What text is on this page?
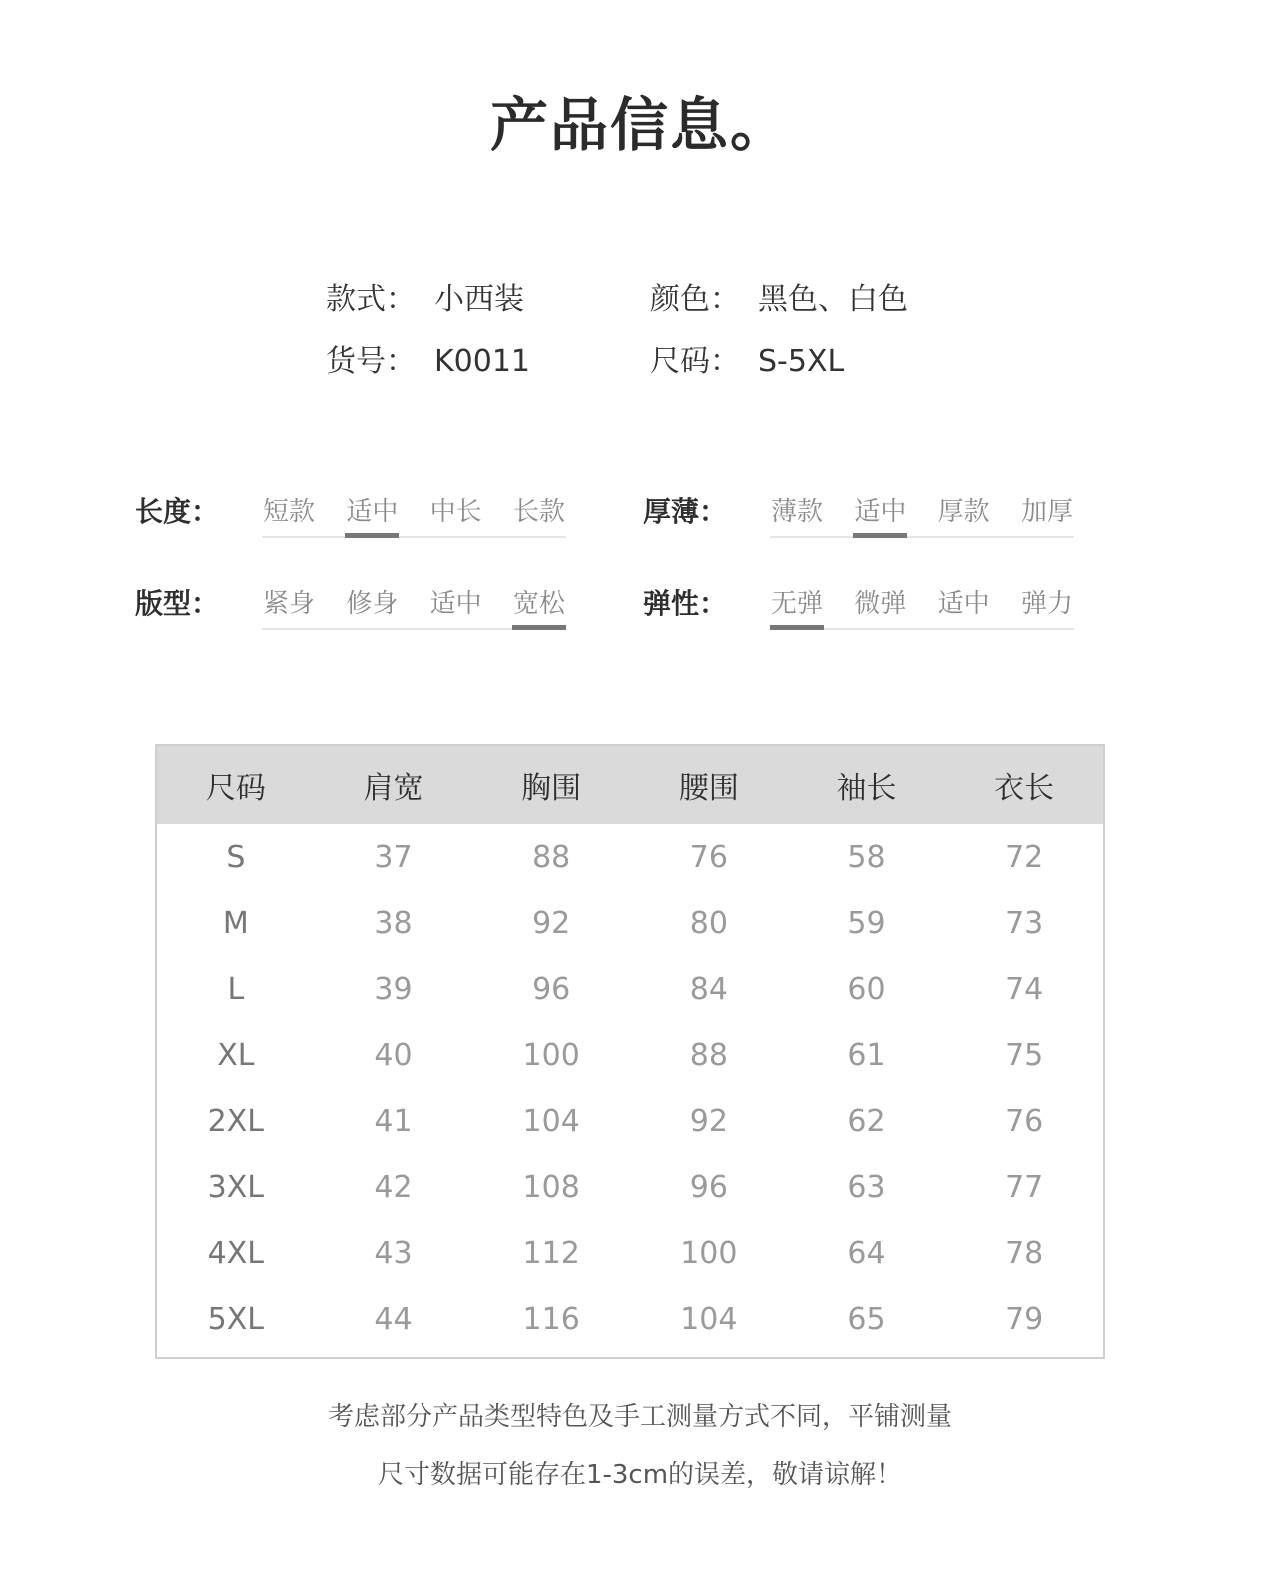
产品信息。
款式： 小西装	颜色： 黑色、白色
货号： K0011	尺码： S-5XL
长度：	短款 适中 中长 长款	厚薄：	薄款 适中 厚款 加厚
版型：	紧身 修身 适中 宽松	弹性：	无弹 微弹 适中 弹力
尺码	肩宽	胸围	腰围	袖长	衣长
S	37	88	76	58	72
M	38	92	80	59	73
L	39	96	84	60	74
XL	40	100	88	61	75
2XL	41	104	92	62	76
3XL	42	108	96	63	77
4XL	43	112	100	64	78
5XL	44	116	104	65	79
考虑部分产品类型特色及手工测量方式不同，平铺测量
尺寸数据可能存在1-3cm的误差，敬请谅解！
